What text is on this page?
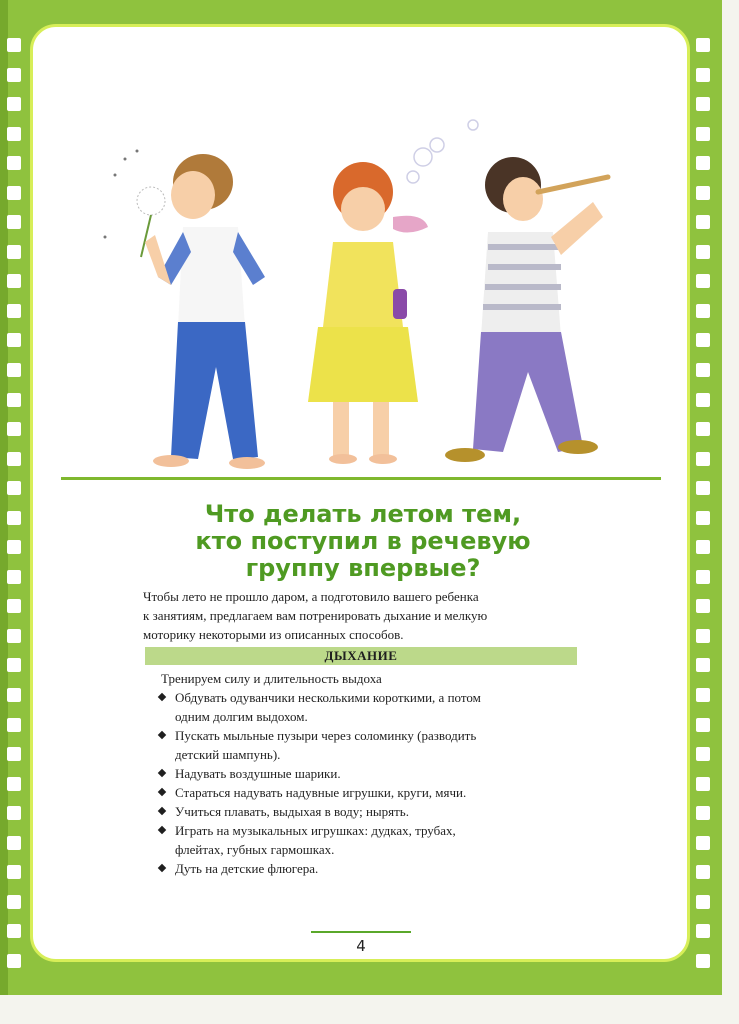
Что делать летом тем,
кто поступил в речевую
группу впервые?

Чтобы лето не прошло даром, а подготовило вашего ребенка
к занятиям, предлагаем вам потренировать дыхание и мелкую
моторику некоторыми из описанных способов.

ДЫХАНИЕ

Тренируем силу и длительность выдоха

Обдувать одуванчики несколькими короткими, а потом
одним долгим выдохом.
Пускать мыльные пузыри через соломинку (разводить
детский шампунь).
Надувать воздушные шарики.
Стараться надувать надувные игрушки, круги, мячи.
Учиться плавать, выдыхая в воду; нырять.
Играть на музыкальных игрушках: дудках, трубах,
флейтах, губных гармошках.
Дуть на детские флюгера.
4
